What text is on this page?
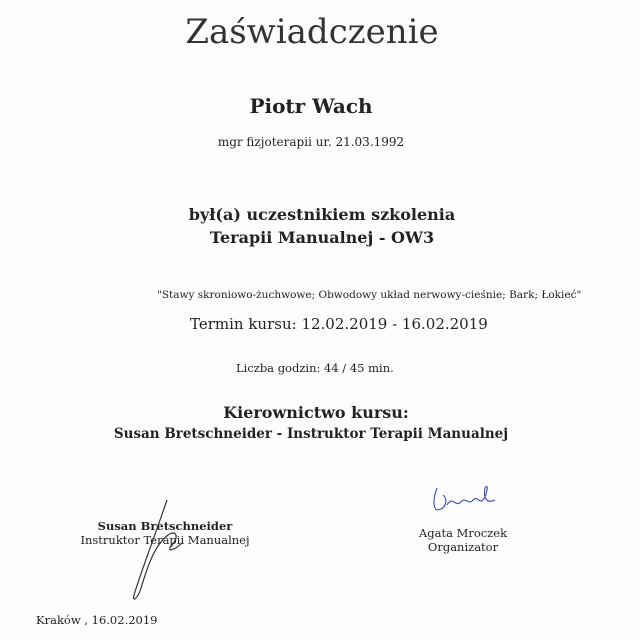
Zaświadczenie
Piotr Wach
mgr fizjoterapii ur. 21.03.1992
był(a) uczestnikiem szkolenia
Terapii Manualnej - OW3
"Stawy skroniowo-żuchwowe; Obwodowy układ nerwowy-cieśnie; Bark; Łokieć"
Termin kursu: 12.02.2019 - 16.02.2019
Liczba godzin: 44 / 45 min.
Kierownictwo kursu:
Susan Bretschneider - Instruktor Terapii Manualnej
Susan Bretschneider
Instruktor Terapii Manualnej	Agata Mroczek
Organizator
Kraków , 16.02.2019
